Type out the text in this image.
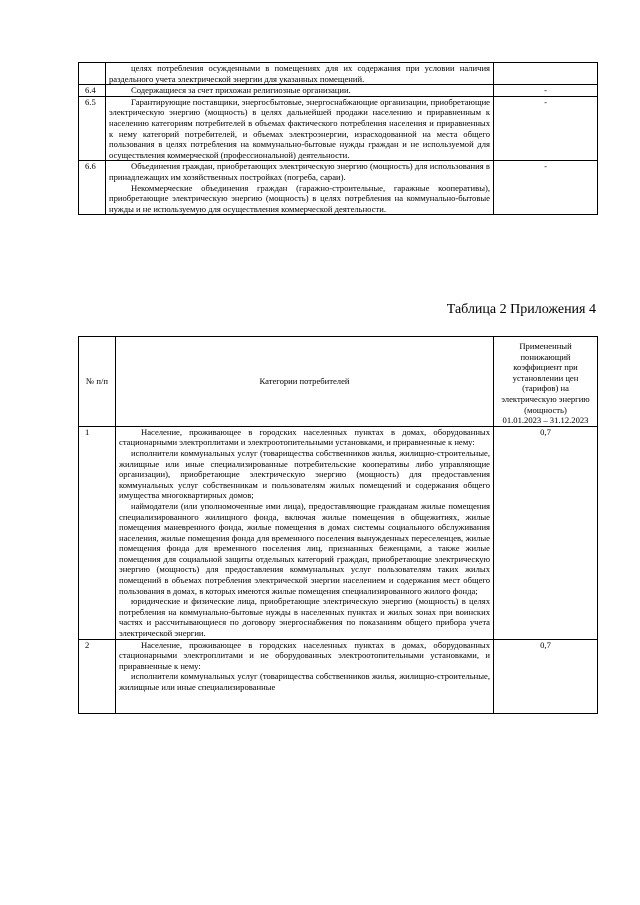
	целях потребления осужденными в помещениях для их содержания при условии наличия раздельного учета электрической энергии для указанных помещений.	

6.4	Содержащиеся за счет прихожан религиозные организации.	-
6.5	Гарантирующие поставщики, энергосбытовые, энергоснабжающие организации, приобретающие электрическую энергию (мощность) в целях дальнейшей продажи населению и приравненным к населению категориям потребителей в объемах фактического потребления населения и приравненных к нему категорий потребителей, и объемах электроэнергии, израсходованной на места общего пользования в целях потребления на коммунально-бытовые нужды граждан и не используемой для осуществления коммерческой (профессиональной) деятельности.	-
6.6	Объединения граждан, приобретающих электрическую энергию (мощность) для использования в принадлежащих им хозяйственных постройках (погреба, сараи).

Некоммерческие объединения граждан (гаражно-строительные, гаражные кооперативы), приобретающие электрическую энергию (мощность) в целях потребления на коммунально-бытовые нужды и не используемую для осуществления коммерческой деятельности.	-
Таблица 2 Приложения 4
№ п/п	Категории потребителей	Примененный понижающий коэффициент при установлении цен (тарифов) на электрическую энергию (мощность)
01.01.2023 – 31.12.2023

1	Население, проживающее в городских населенных пунктах в домах, оборудованных стационарными электроплитами и электроотопительными установками, и приравненные к нему:

исполнители коммунальных услуг (товарищества собственников жилья, жилищно-строительные, жилищные или иные специализированные потребительские кооперативы либо управляющие организации), приобретающие электрическую энергию (мощность) для предоставления коммунальных услуг собственникам и пользователям жилых помещений и содержания общего имущества многоквартирных домов;

наймодатели (или уполномоченные ими лица), предоставляющие гражданам жилые помещения специализированного жилищного фонда, включая жилые помещения в общежитиях, жилые помещения маневренного фонда, жилые помещения в домах системы социального обслуживания населения, жилые помещения фонда для временного поселения вынужденных переселенцев, жилые помещения фонда для временного поселения лиц, признанных беженцами, а также жилые помещения для социальной защиты отдельных категорий граждан, приобретающие электрическую энергию (мощность) для предоставления коммунальных услуг пользователям таких жилых помещений в объемах потребления электрической энергии населением и содержания мест общего пользования в домах, в которых имеются жилые помещения специализированного жилого фонда;

юридические и физические лица, приобретающие электрическую энергию (мощность) в целях потребления на коммунально-бытовые нужды в населенных пунктах и жилых зонах при воинских частях и рассчитывающиеся по договору энергоснабжения по показаниям общего прибора учета электрической энергии.	0,7
2	Население, проживающее в городских населенных пунктах в домах, оборудованных стационарными электроплитами и не оборудованных электроотопительными установками, и приравненные к нему:

исполнители коммунальных услуг (товарищества собственников жилья, жилищно-строительные, жилищные или иные специализированные	0,7
